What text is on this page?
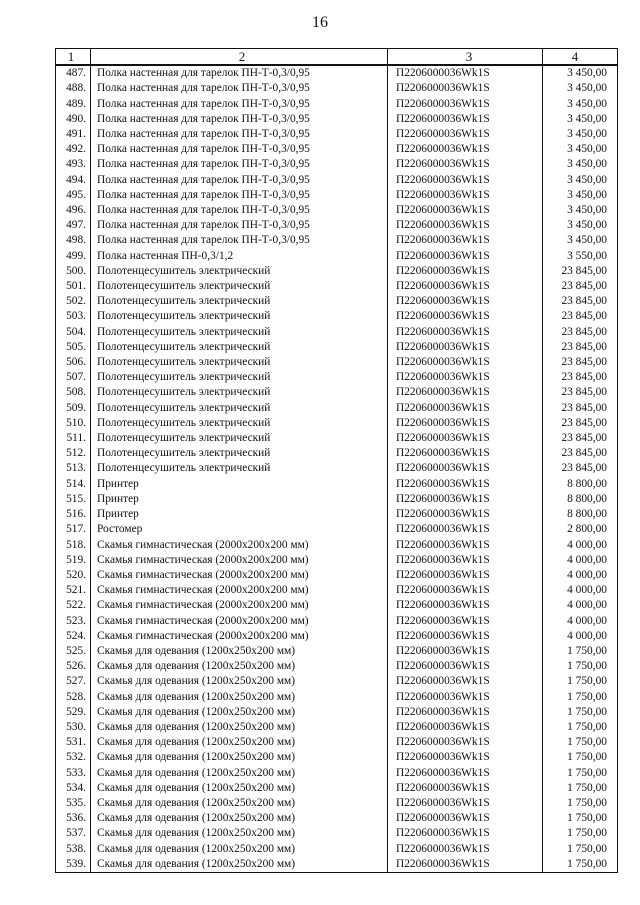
16
1	2	3	4
487.	Полка настенная для тарелок ПН-Т-0,3/0,95	П2206000036Wk1S	3 450,00
488.	Полка настенная для тарелок ПН-Т-0,3/0,95	П2206000036Wk1S	3 450,00
489.	Полка настенная для тарелок ПН-Т-0,3/0,95	П2206000036Wk1S	3 450,00
490.	Полка настенная для тарелок ПН-Т-0,3/0,95	П2206000036Wk1S	3 450,00
491.	Полка настенная для тарелок ПН-Т-0,3/0,95	П2206000036Wk1S	3 450,00
492.	Полка настенная для тарелок ПН-Т-0,3/0,95	П2206000036Wk1S	3 450,00
493.	Полка настенная для тарелок ПН-Т-0,3/0,95	П2206000036Wk1S	3 450,00
494.	Полка настенная для тарелок ПН-Т-0,3/0,95	П2206000036Wk1S	3 450,00
495.	Полка настенная для тарелок ПН-Т-0,3/0,95	П2206000036Wk1S	3 450,00
496.	Полка настенная для тарелок ПН-Т-0,3/0,95	П2206000036Wk1S	3 450,00
497.	Полка настенная для тарелок ПН-Т-0,3/0,95	П2206000036Wk1S	3 450,00
498.	Полка настенная для тарелок ПН-Т-0,3/0,95	П2206000036Wk1S	3 450,00
499.	Полка настенная ПН-0,3/1,2	П2206000036Wk1S	3 550,00
500.	Полотенцесушитель электрический	П2206000036Wk1S	23 845,00
501.	Полотенцесушитель электрический	П2206000036Wk1S	23 845,00
502.	Полотенцесушитель электрический	П2206000036Wk1S	23 845,00
503.	Полотенцесушитель электрический	П2206000036Wk1S	23 845,00
504.	Полотенцесушитель электрический	П2206000036Wk1S	23 845,00
505.	Полотенцесушитель электрический	П2206000036Wk1S	23 845,00
506.	Полотенцесушитель электрический	П2206000036Wk1S	23 845,00
507.	Полотенцесушитель электрический	П2206000036Wk1S	23 845,00
508.	Полотенцесушитель электрический	П2206000036Wk1S	23 845,00
509.	Полотенцесушитель электрический	П2206000036Wk1S	23 845,00
510.	Полотенцесушитель электрический	П2206000036Wk1S	23 845,00
511.	Полотенцесушитель электрический	П2206000036Wk1S	23 845,00
512.	Полотенцесушитель электрический	П2206000036Wk1S	23 845,00
513.	Полотенцесушитель электрический	П2206000036Wk1S	23 845,00
514.	Принтер	П2206000036Wk1S	8 800,00
515.	Принтер	П2206000036Wk1S	8 800,00
516.	Принтер	П2206000036Wk1S	8 800,00
517.	Ростомер	П2206000036Wk1S	2 800,00
518.	Скамья гимнастическая (2000х200х200 мм)	П2206000036Wk1S	4 000,00
519.	Скамья гимнастическая (2000х200х200 мм)	П2206000036Wk1S	4 000,00
520.	Скамья гимнастическая (2000х200х200 мм)	П2206000036Wk1S	4 000,00
521.	Скамья гимнастическая (2000х200х200 мм)	П2206000036Wk1S	4 000,00
522.	Скамья гимнастическая (2000х200х200 мм)	П2206000036Wk1S	4 000,00
523.	Скамья гимнастическая (2000х200х200 мм)	П2206000036Wk1S	4 000,00
524.	Скамья гимнастическая (2000х200х200 мм)	П2206000036Wk1S	4 000,00
525.	Скамья для одевания (1200х250х200 мм)	П2206000036Wk1S	1 750,00
526.	Скамья для одевания (1200х250х200 мм)	П2206000036Wk1S	1 750,00
527.	Скамья для одевания (1200х250х200 мм)	П2206000036Wk1S	1 750,00
528.	Скамья для одевания (1200х250х200 мм)	П2206000036Wk1S	1 750,00
529.	Скамья для одевания (1200х250х200 мм)	П2206000036Wk1S	1 750,00
530.	Скамья для одевания (1200х250х200 мм)	П2206000036Wk1S	1 750,00
531.	Скамья для одевания (1200х250х200 мм)	П2206000036Wk1S	1 750,00
532.	Скамья для одевания (1200х250х200 мм)	П2206000036Wk1S	1 750,00
533.	Скамья для одевания (1200х250х200 мм)	П2206000036Wk1S	1 750,00
534.	Скамья для одевания (1200х250х200 мм)	П2206000036Wk1S	1 750,00
535.	Скамья для одевания (1200х250х200 мм)	П2206000036Wk1S	1 750,00
536.	Скамья для одевания (1200х250х200 мм)	П2206000036Wk1S	1 750,00
537.	Скамья для одевания (1200х250х200 мм)	П2206000036Wk1S	1 750,00
538.	Скамья для одевания (1200х250х200 мм)	П2206000036Wk1S	1 750,00
539.	Скамья для одевания (1200х250х200 мм)	П2206000036Wk1S	1 750,00
